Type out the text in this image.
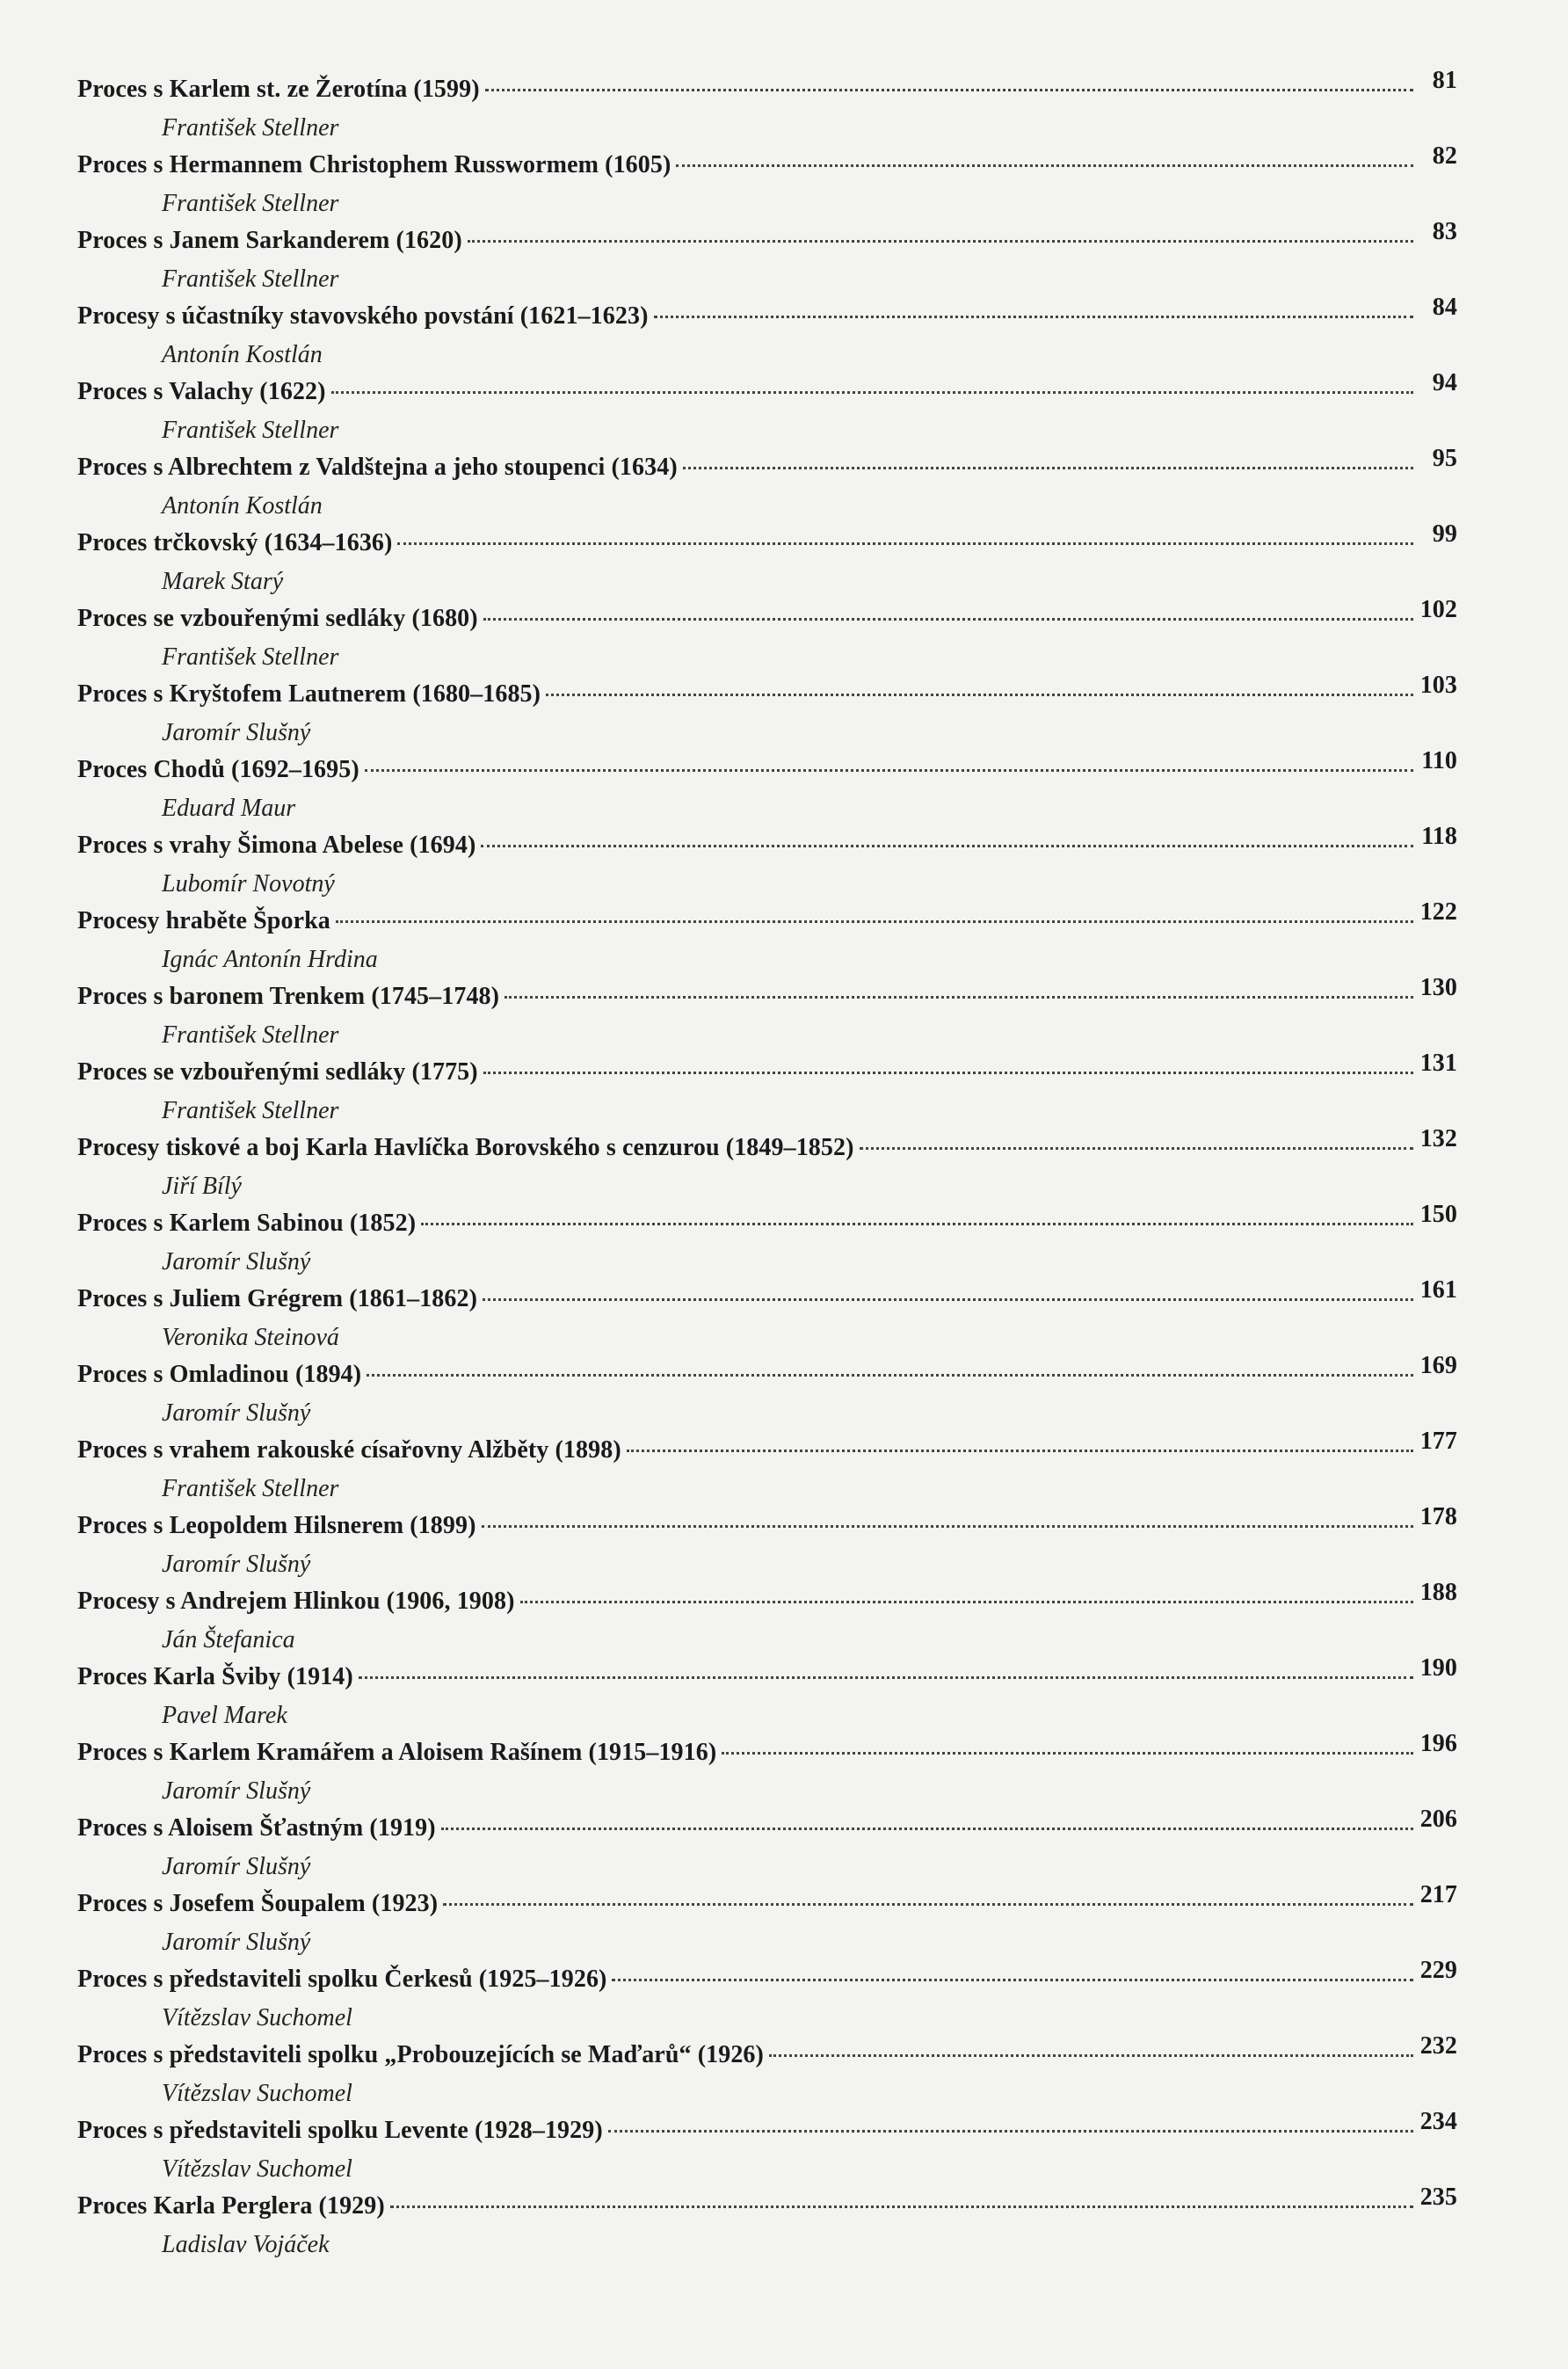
Proces s Karlem st. ze Žerotína (1599)	81
František Stellner
Proces s Hermannem Christophem Russwormem (1605)	82
František Stellner
Proces s Janem Sarkanderem (1620)	83
František Stellner
Procesy s účastníky stavovského povstání (1621–1623)	84
Antonín Kostlán
Proces s Valachy (1622)	94
František Stellner
Proces s Albrechtem z Valdštejna a jeho stoupenci (1634)	95
Antonín Kostlán
Proces trčkovský (1634–1636)	99
Marek Starý
Proces se vzbouřenými sedláky (1680)	102
František Stellner
Proces s Kryštofem Lautnerem (1680–1685)	103
Jaromír Slušný
Proces Chodů (1692–1695)	110
Eduard Maur
Proces s vrahy Šimona Abelese (1694)	118
Lubomír Novotný
Procesy hraběte Šporka	122
Ignác Antonín Hrdina
Proces s baronem Trenkem (1745–1748)	130
František Stellner
Proces se vzbouřenými sedláky (1775)	131
František Stellner
Procesy tiskové a boj Karla Havlíčka Borovského s cenzurou (1849–1852)	132
Jiří Bílý
Proces s Karlem Sabinou (1852)	150
Jaromír Slušný
Proces s Juliem Grégrem (1861–1862)	161
Veronika Steinová
Proces s Omladinou (1894)	169
Jaromír Slušný
Proces s vrahem rakouské císařovny Alžběty (1898)	177
František Stellner
Proces s Leopoldem Hilsnerem (1899)	178
Jaromír Slušný
Procesy s Andrejem Hlinkou (1906, 1908)	188
Ján Štefanica
Proces Karla Šviby (1914)	190
Pavel Marek
Proces s Karlem Kramářem a Aloisem Rašínem (1915–1916)	196
Jaromír Slušný
Proces s Aloisem Šťastným (1919)	206
Jaromír Slušný
Proces s Josefem Šoupalem (1923)	217
Jaromír Slušný
Proces s představiteli spolku Čerkesů (1925–1926)	229
Vítězslav Suchomel
Proces s představiteli spolku „Probouzejících se Maďarů“ (1926)	232
Vítězslav Suchomel
Proces s představiteli spolku Levente (1928–1929)	234
Vítězslav Suchomel
Proces Karla Perglera (1929)	235
Ladislav Vojáček
